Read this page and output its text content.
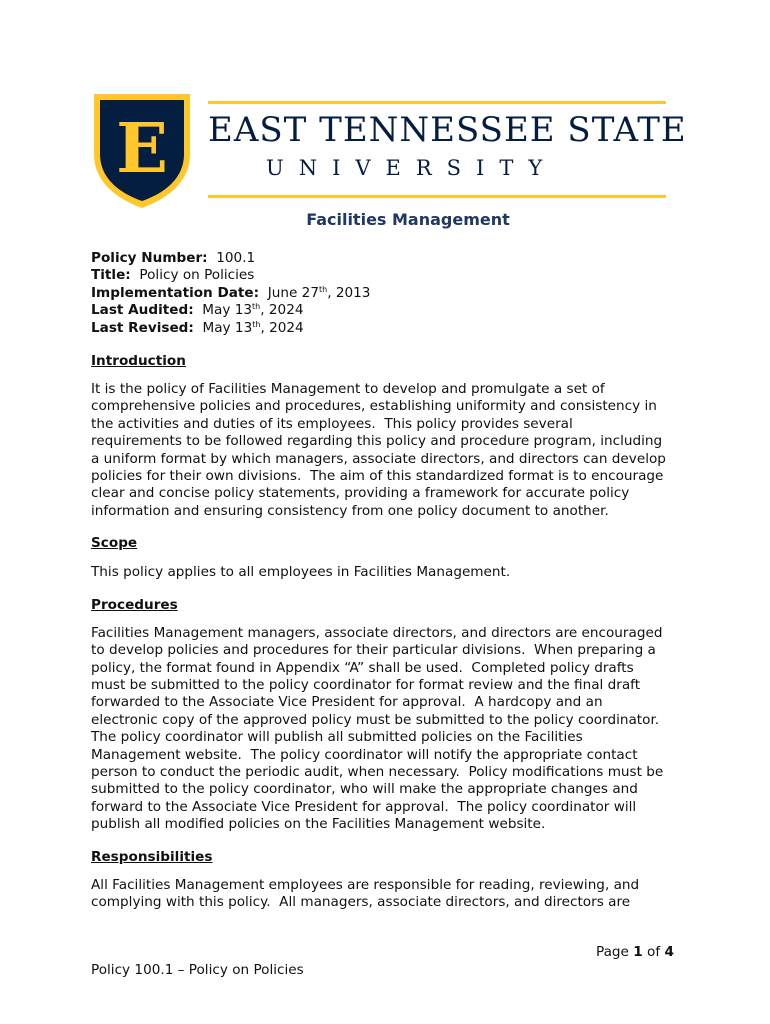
E EAST TENNESSEE STATE
UNIVERSITY
Facilities Management
Policy Number: 100.1
Title: Policy on Policies
Implementation Date: June 27th, 2013
Last Audited: May 13th, 2024
Last Revised: May 13th, 2024
Introduction

It is the policy of Facilities Management to develop and promulgate a set of
comprehensive policies and procedures, establishing uniformity and consistency in
the activities and duties of its employees.  This policy provides several
requirements to be followed regarding this policy and procedure program, including
a uniform format by which managers, associate directors, and directors can develop
policies for their own divisions.  The aim of this standardized format is to encourage
clear and concise policy statements, providing a framework for accurate policy
information and ensuring consistency from one policy document to another.

Scope

This policy applies to all employees in Facilities Management.

Procedures

Facilities Management managers, associate directors, and directors are encouraged
to develop policies and procedures for their particular divisions.  When preparing a
policy, the format found in Appendix “A” shall be used.  Completed policy drafts
must be submitted to the policy coordinator for format review and the final draft
forwarded to the Associate Vice President for approval.  A hardcopy and an
electronic copy of the approved policy must be submitted to the policy coordinator.
The policy coordinator will publish all submitted policies on the Facilities
Management website.  The policy coordinator will notify the appropriate contact
person to conduct the periodic audit, when necessary.  Policy modifications must be
submitted to the policy coordinator, who will make the appropriate changes and
forward to the Associate Vice President for approval.  The policy coordinator will
publish all modified policies on the Facilities Management website.

Responsibilities

All Facilities Management employees are responsible for reading, reviewing, and
complying with this policy.  All managers, associate directors, and directors are

Page 1 of 4
Policy 100.1 – Policy on Policies
